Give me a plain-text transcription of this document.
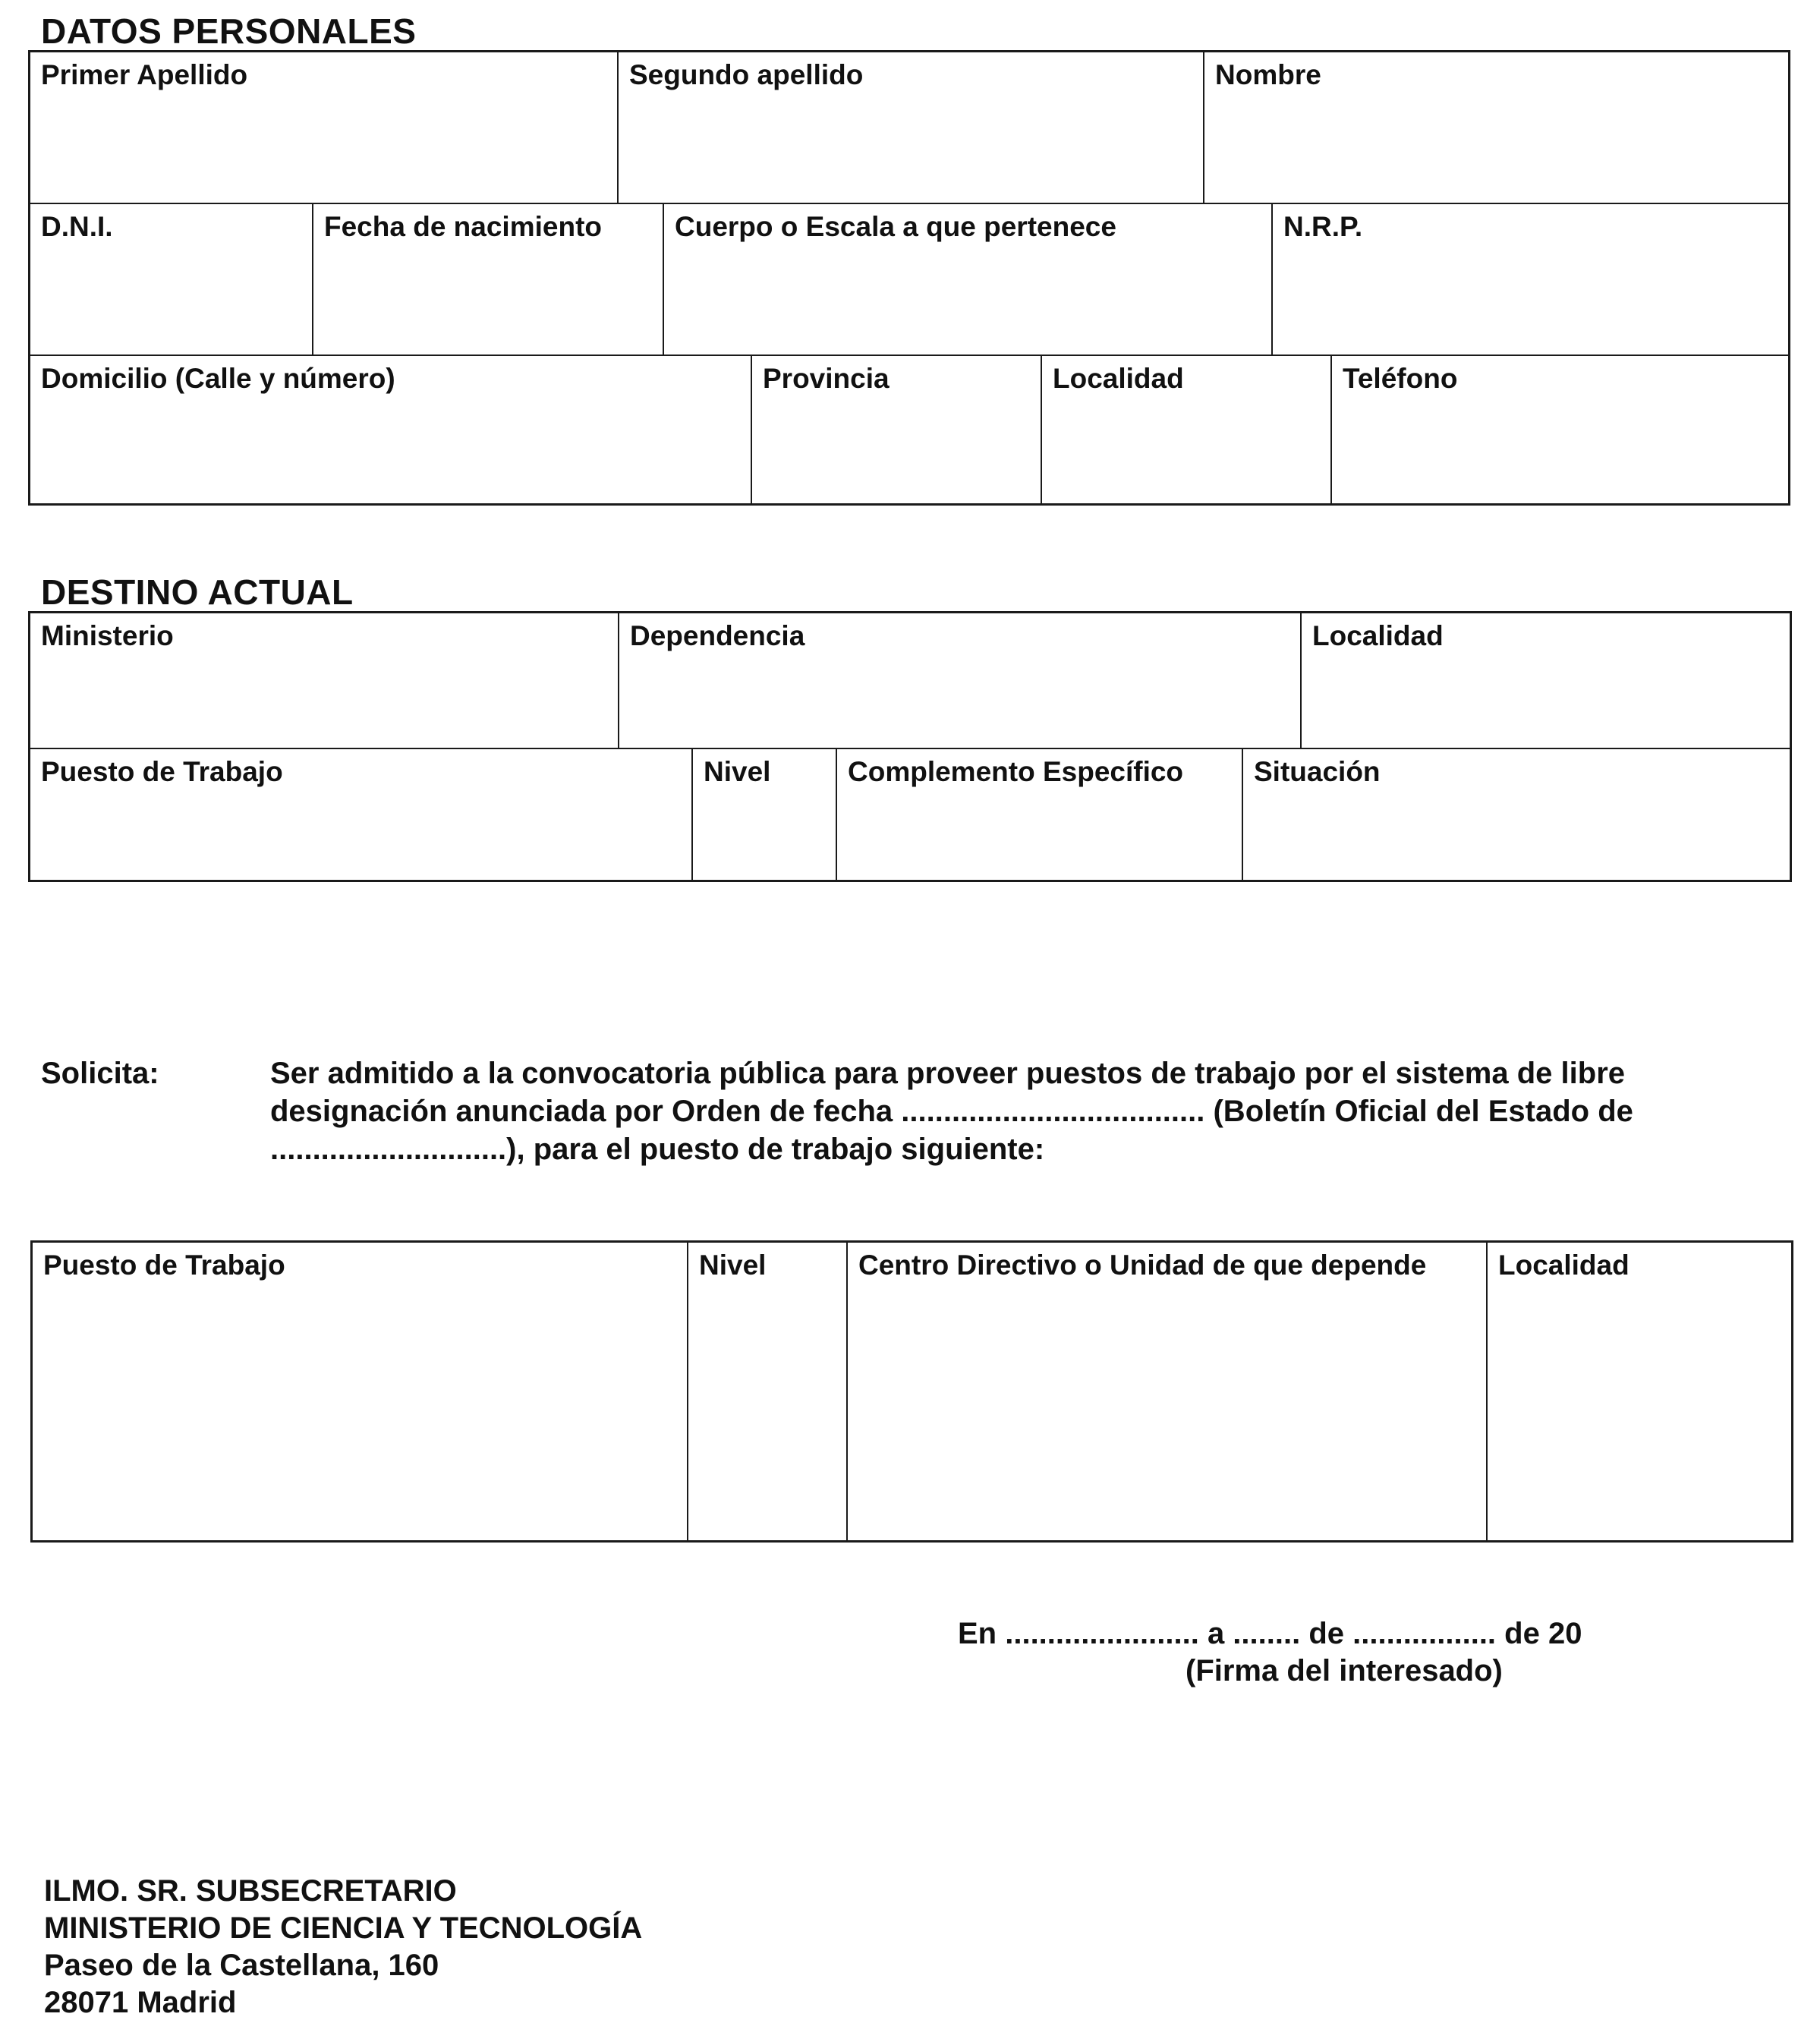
DATOS PERSONALES
Primer Apellido	Segundo apellido	Nombre
D.N.I.	Fecha de nacimiento	Cuerpo o Escala a que pertenece	N.R.P.
Domicilio (Calle y número)	Provincia	Localidad	Teléfono
DESTINO ACTUAL
Ministerio	Dependencia	Localidad
Puesto de Trabajo	Nivel	Complemento Específico	Situación
Solicita:	Ser admitido a la convocatoria pública para proveer puestos de trabajo por el sistema de libre
designación anunciada por Orden de fecha .................................... (Boletín Oficial del Estado de
............................), para el puesto de trabajo siguiente:
Puesto de Trabajo	Nivel	Centro Directivo o Unidad de que depende	Localidad
En ....................... a ........ de ................. de 20
(Firma del interesado)
ILMO. SR. SUBSECRETARIO
MINISTERIO DE CIENCIA Y TECNOLOGÍA
Paseo de la Castellana, 160
28071 Madrid
